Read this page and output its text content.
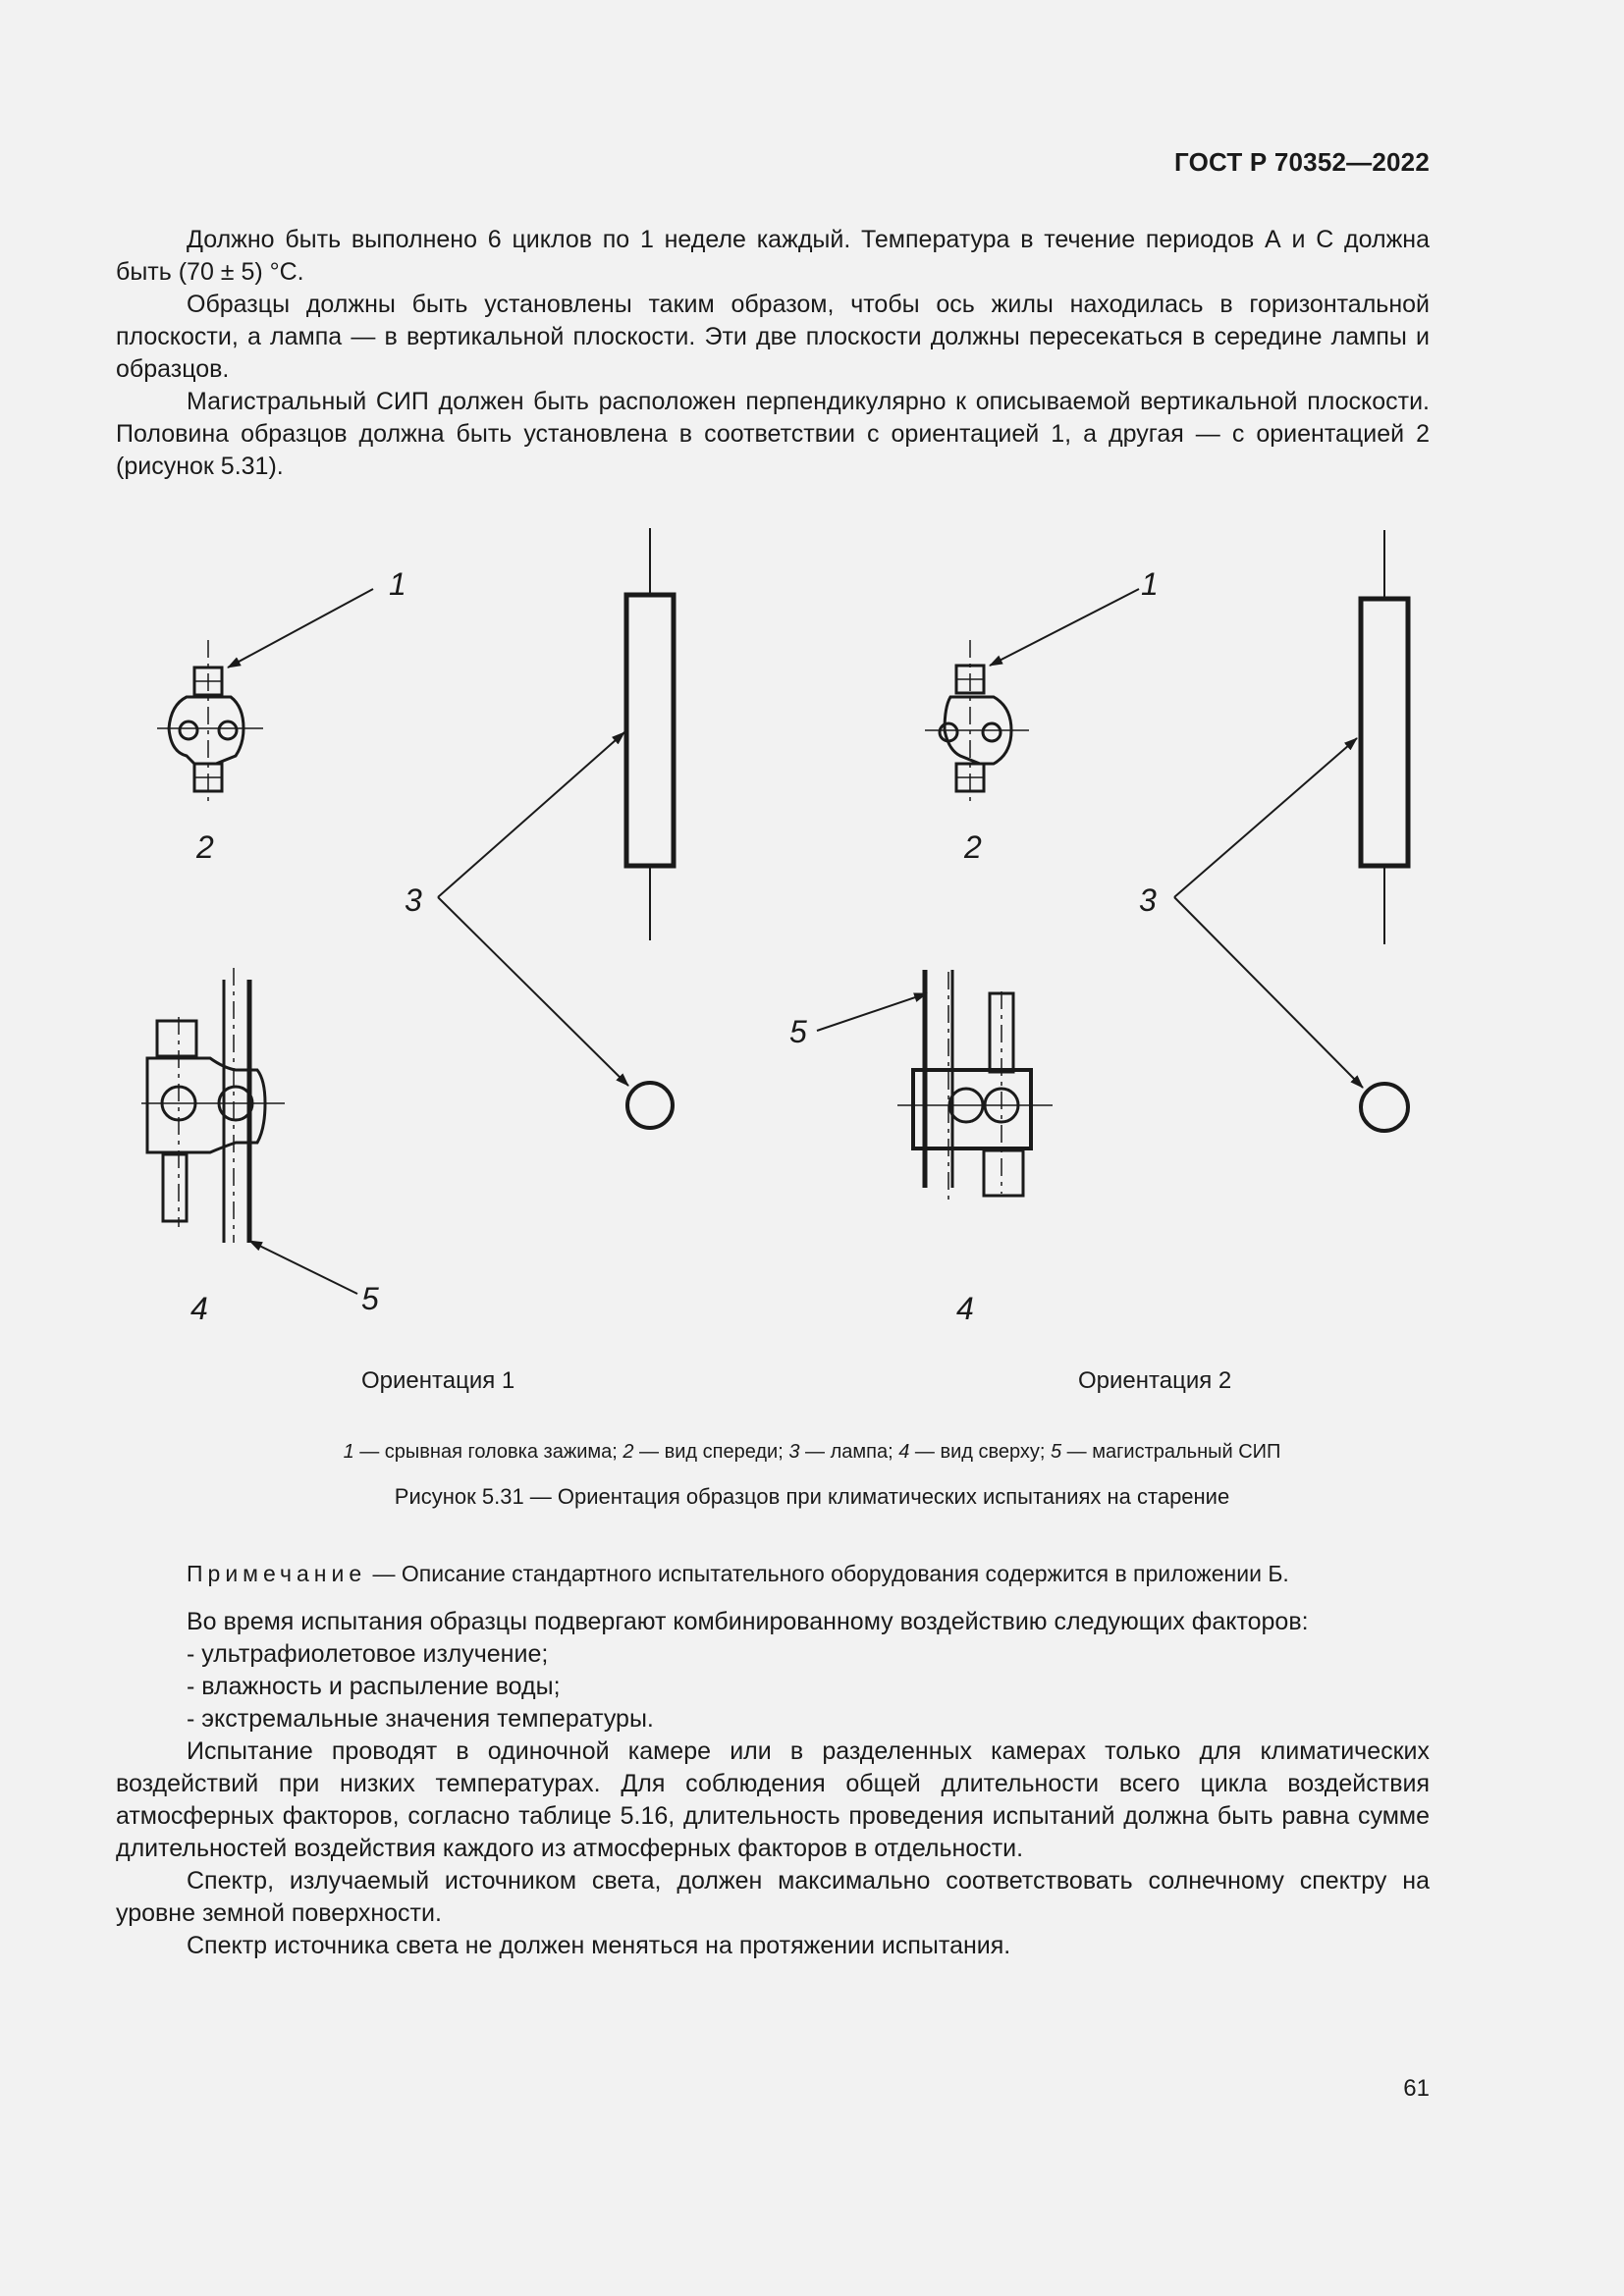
ГОСТ Р 70352—2022

Должно быть выполнено 6 циклов по 1 неделе каждый. Температура в течение периодов А и С должна быть (70 ± 5) °С.

Образцы должны быть установлены таким образом, чтобы ось жилы находилась в горизонтальной плоскости, а лампа — в вертикальной плоскости. Эти две плоскости должны пересекаться в середине лампы и образцов.

Магистральный СИП должен быть расположен перпендикулярно к описываемой вертикальной плоскости. Половина образцов должна быть установлена в соответствии с ориентацией 1, а другая — с ориентацией 2 (рисунок 5.31).

1
2
3
4	5
1
2
3
4
5
Ориентация 1	Ориентация 2
1 — срывная головка зажима; 2 — вид спереди; 3 — лампа; 4 — вид сверху; 5 — магистральный СИП
Рисунок 5.31 — Ориентация образцов при климатических испытаниях на старение
Примечание — Описание стандартного испытательного оборудования содержится в приложении Б.

Во время испытания образцы подвергают комбинированному воздействию следующих факторов:

- ультрафиолетовое излучение;

- влажность и распыление воды;

- экстремальные значения температуры.

Испытание проводят в одиночной камере или в разделенных камерах только для климатических воздействий при низких температурах. Для соблюдения общей длительности всего цикла воздействия атмосферных факторов, согласно таблице 5.16, длительность проведения испытаний должна быть равна сумме длительностей воздействия каждого из атмосферных факторов в отдельности.

Спектр, излучаемый источником света, должен максимально соответствовать солнечному спектру на уровне земной поверхности.

Спектр источника света не должен меняться на протяжении испытания.

61
